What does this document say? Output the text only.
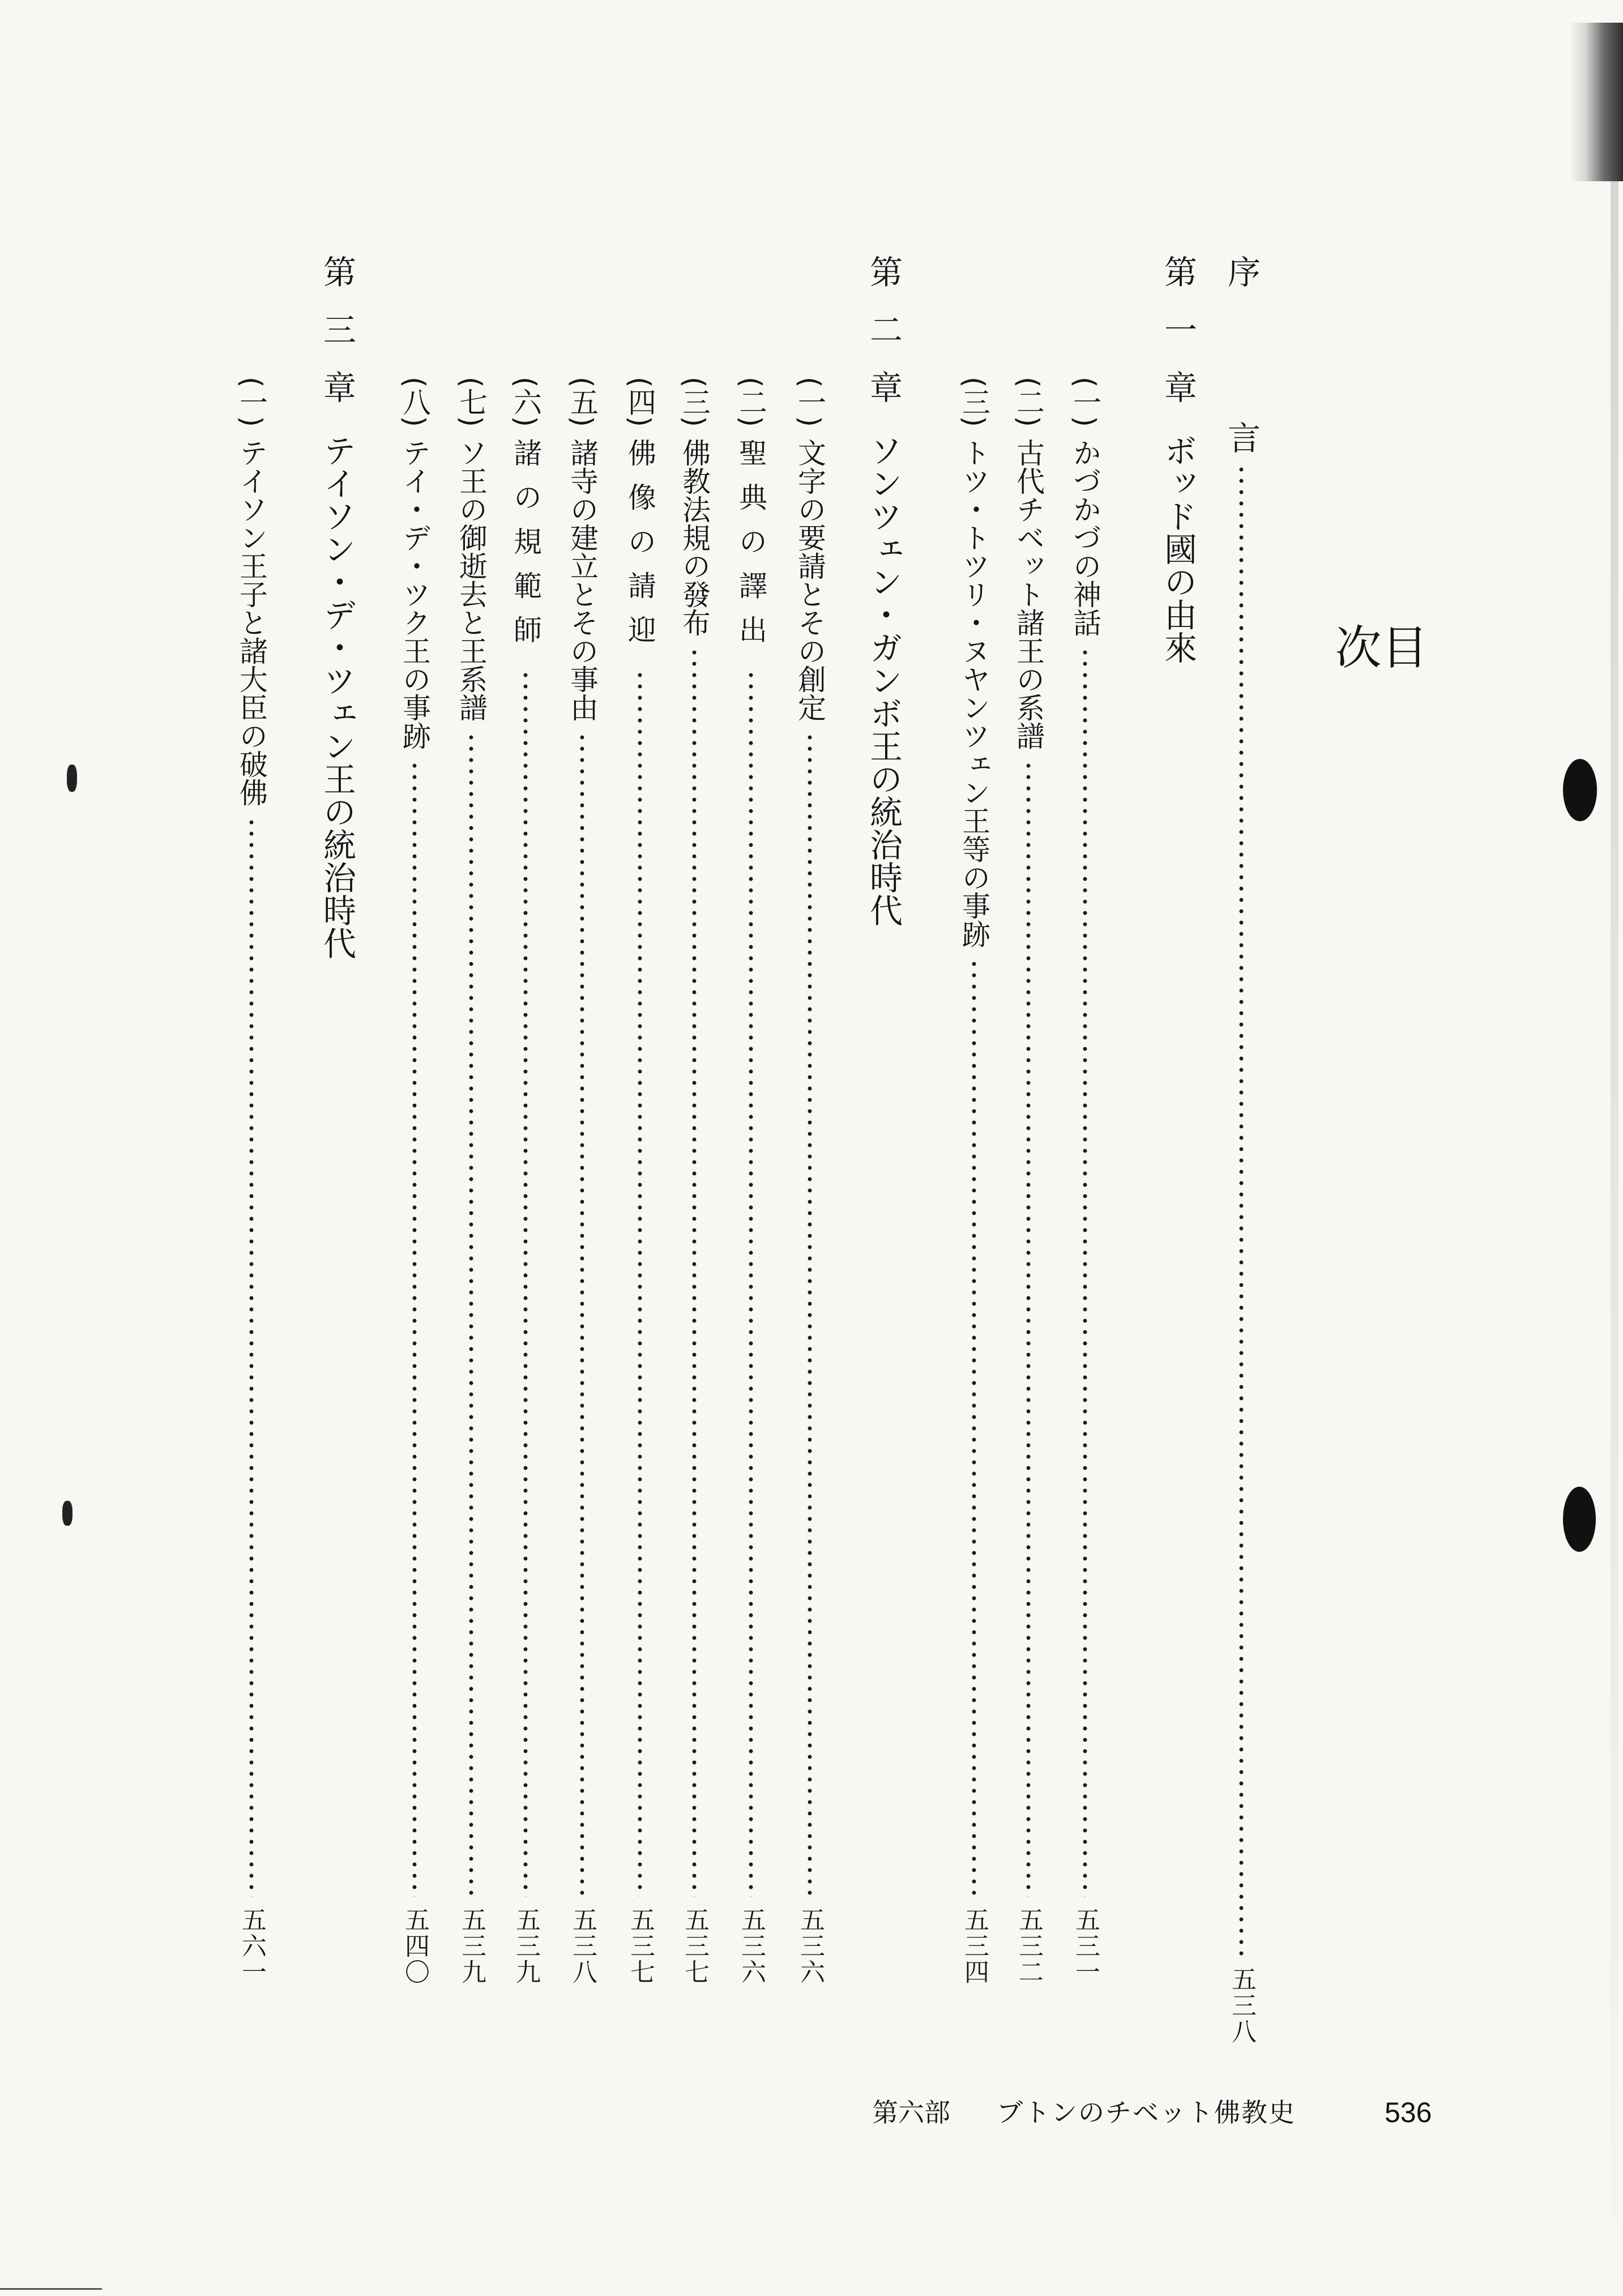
目
次
序
言
五三八
第一章
ボッド國の由來
(一)
かづかづの神話
五三一
(二)
古代チベット諸王の系譜
五三二
(三)
トツ・トツリ・ヌヤンツェン王等の事跡
五三四
第二章
ソンツェン・ガンボ王の統治時代
(一)
文字の要請とその創定
五三六
(二)
聖典の譯出
五三六
(三)
佛教法規の發布
五三七
(四)
佛像の請迎
五三七
(五)
諸寺の建立とその事由
五三八
(六)
諸の規範師
五三九
(七)
ソ王の御逝去と王系譜
五三九
(八)
テイ・デ・ツク王の事跡
五四〇
第三章
テイソン・デ・ツェン王の統治時代
(一)
テイソン王子と諸大臣の破佛
五六一
第六部 ブトンのチベット佛教史	536
